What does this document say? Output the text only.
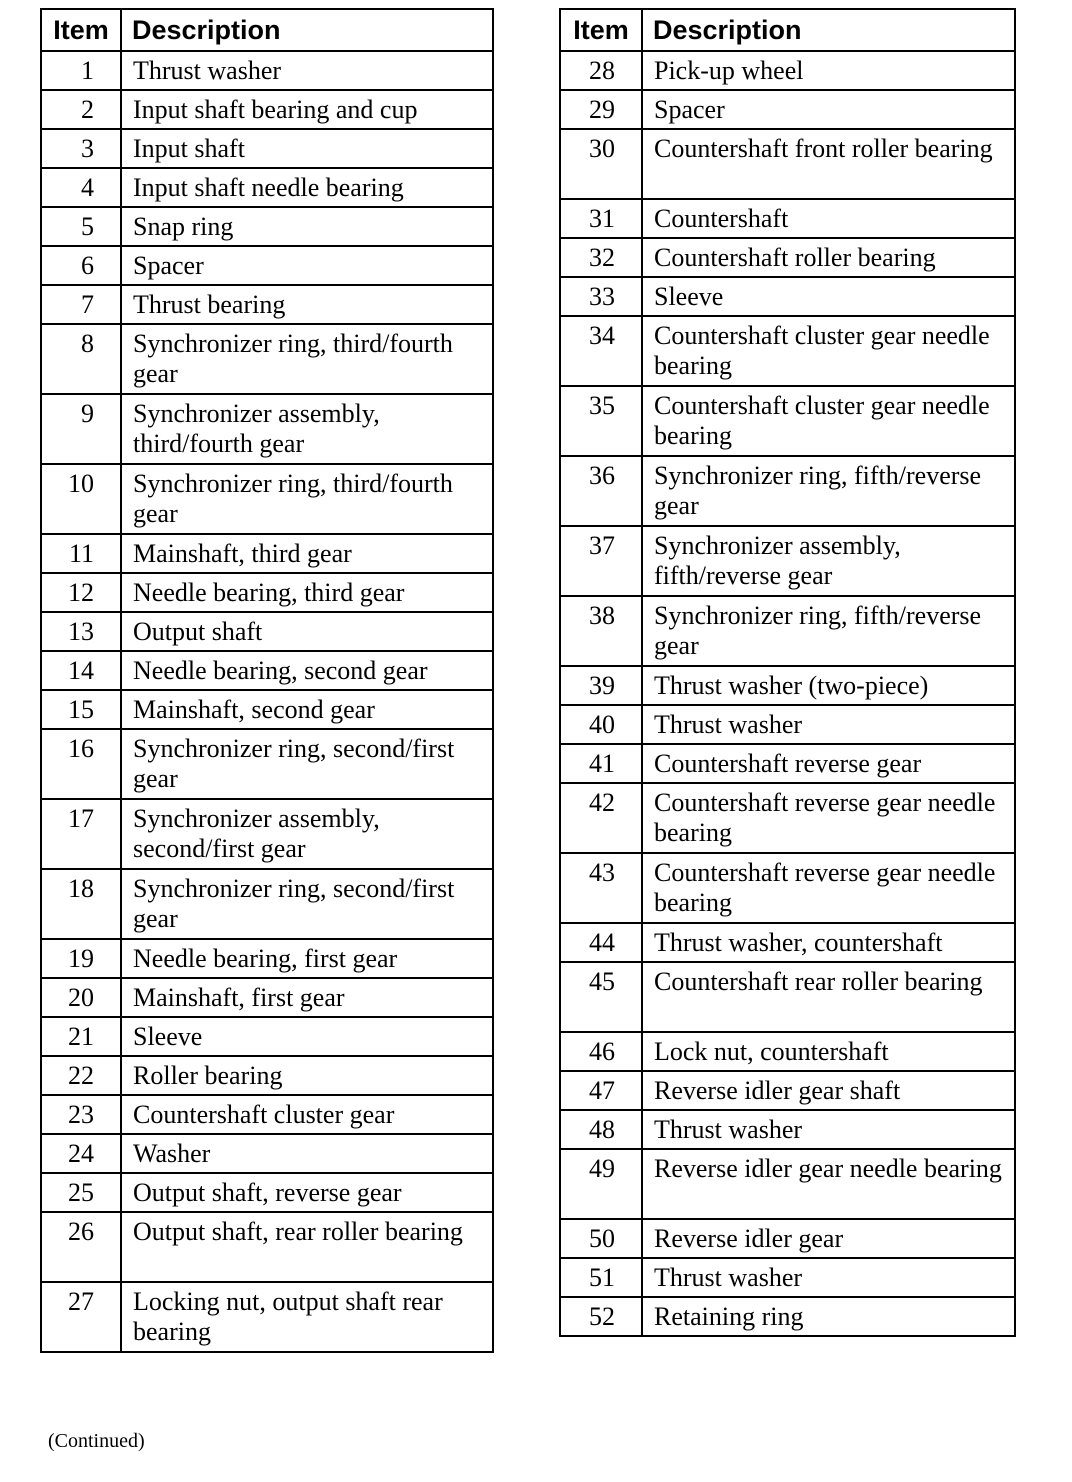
Item	Description
1	Thrust washer
2	Input shaft bearing and cup
3	Input shaft
4	Input shaft needle bearing
5	Snap ring
6	Spacer
7	Thrust bearing
8	Synchronizer ring, third/fourth gear
9	Synchronizer assembly, third/fourth gear
10	Synchronizer ring, third/fourth gear
11	Mainshaft, third gear
12	Needle bearing, third gear
13	Output shaft
14	Needle bearing, second gear
15	Mainshaft, second gear
16	Synchronizer ring, second/first gear
17	Synchronizer assembly, second/first gear
18	Synchronizer ring, second/first gear
19	Needle bearing, first gear
20	Mainshaft, first gear
21	Sleeve
22	Roller bearing
23	Countershaft cluster gear
24	Washer
25	Output shaft, reverse gear
26	Output shaft, rear roller bearing
27	Locking nut, output shaft rear bearing
Item	Description
28	Pick-up wheel
29	Spacer
30	Countershaft front roller bearing
31	Countershaft
32	Countershaft roller bearing
33	Sleeve
34	Countershaft cluster gear needle bearing
35	Countershaft cluster gear needle bearing
36	Synchronizer ring, fifth/reverse gear
37	Synchronizer assembly, fifth/reverse gear
38	Synchronizer ring, fifth/reverse gear
39	Thrust washer (two-piece)
40	Thrust washer
41	Countershaft reverse gear
42	Countershaft reverse gear needle bearing
43	Countershaft reverse gear needle bearing
44	Thrust washer, countershaft
45	Countershaft rear roller bearing
46	Lock nut, countershaft
47	Reverse idler gear shaft
48	Thrust washer
49	Reverse idler gear needle bearing
50	Reverse idler gear
51	Thrust washer
52	Retaining ring
(Continued)
